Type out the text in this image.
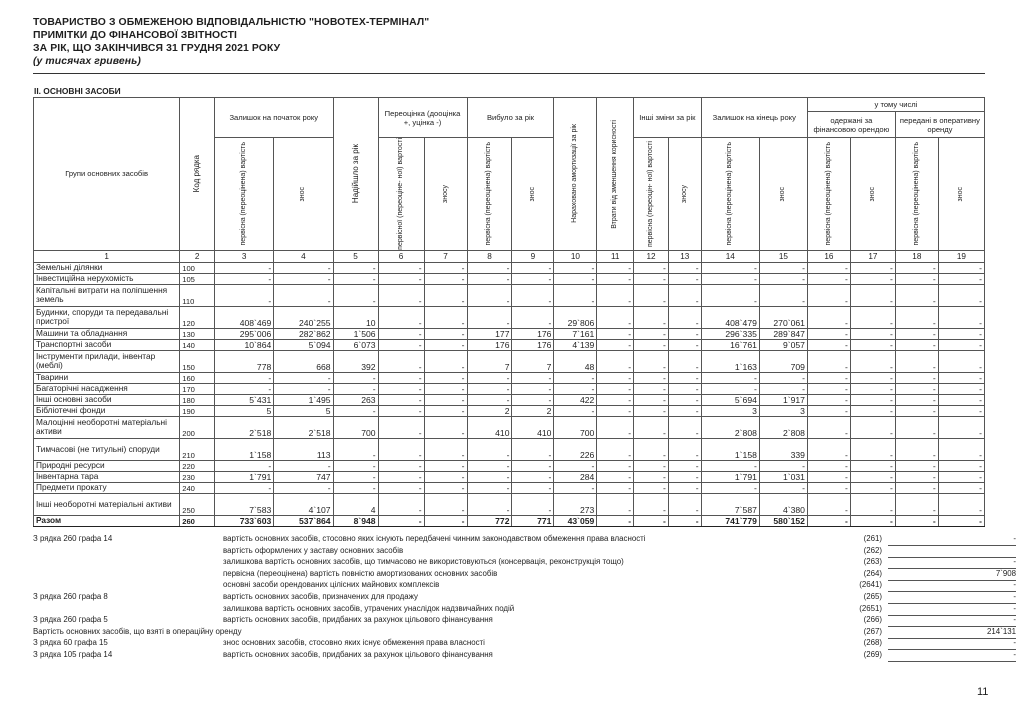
ТОВАРИСТВО З ОБМЕЖЕНОЮ ВІДПОВІДАЛЬНІСТЮ "НОВОТЕХ-ТЕРМІНАЛ"
ПРИМІТКИ ДО ФІНАНСОВОЇ ЗВІТНОСТІ
ЗА РІК, ЩО ЗАКІНЧИВСЯ 31 ГРУДНЯ 2021 РОКУ
(у тисячах гривень)
II. ОСНОВНІ ЗАСОБИ
Групи основних засобів	Код рядка	Залишок на початок року		Надійшло за рік	Переоцінка (дооцінка +, уцінка -)		Вибуло за рік		Нараховано амортизації за рік	Втрати від зменшення корисності	Інші зміни за рік		Залишок на кінець року		у тому числі			
															одержані за фінансовою орендою		передані в оперативну оренду	

		первісна (переоцінена) вартість	знос		первісної (переоціне- ної) вартості	зносу	первісна (переоцінена) вартість	знос			первісна (переоцін- ної) вартості	зносу	первісна (переоцінена) вартість	знос	первісна (переоцінена) вартість	знос	первісна (переоцінена) вартість	знос

1	2	3	4	5	6	7	8	9	10	11	12	13	14	15	16	17	18	19
Земельні ділянки	100	-	-	-	-	-	-	-	-	-	-	-	-	-	-	-	-	-
Інвестиційна нерухомість	105	-	-	-	-	-	-	-	-	-	-	-	-	-	-	-	-	-
Капітальні витрати на поліпшення земель	110	-	-	-	-	-	-	-	-	-	-	-	-	-	-	-	-	-
Будинки, споруди та передавальні пристрої	120	408`469	240`255	10	-	-	-	-	29`806	-	-	-	408`479	270`061	-	-	-	-
Машини та обладнання	130	295`006	282`862	1`506	-	-	177	176	7`161	-	-	-	296`335	289`847	-	-	-	-
Транспортні засоби	140	10`864	5`094	6`073	-	-	176	176	4`139	-	-	-	16`761	9`057	-	-	-	-
Інструменти прилади, інвентар (меблі)	150	778	668	392	-	-	7	7	48	-	-	-	1`163	709	-	-	-	-
Тварини	160	-	-	-	-	-	-	-	-	-	-	-	-	-	-	-	-	-
Багаторічні насадження	170	-	-	-	-	-	-	-	-	-	-	-	-	-	-	-	-	-
Інші основні засоби	180	5`431	1`495	263	-	-	-	-	422	-	-	-	5`694	1`917	-	-	-	-
Бібліотечні фонди	190	5	5	-	-	-	2	2	-	-	-	-	3	3	-	-	-	-
Малоцінні необоротні матеріальні активи	200	2`518	2`518	700	-	-	410	410	700	-	-	-	2`808	2`808	-	-	-	-
Тимчасові (не титульні) споруди	210	1`158	113	-	-	-	-	-	226	-	-	-	1`158	339	-	-	-	-
Природні ресурси	220	-	-	-	-	-	-	-	-	-	-	-	-	-	-	-	-	-
Інвентарна тара	230	1`791	747	-	-	-	-	-	284	-	-	-	1`791	1`031	-	-	-	-
Предмети прокату	240	-	-	-	-	-	-	-	-	-	-	-	-	-	-	-	-	-
Інші необоротні матеріальні активи	250	7`583	4`107	4	-	-	-	-	273	-	-	-	7`587	4`380	-	-	-	-
Разом	260	733`603	537`864	8`948	-	-	772	771	43`059	-	-	-	741`779	580`152	-	-	-	-
З рядка 260 графа 14	вартість основних засобів, стосовно яких існують передбачені чинним законодавством обмеження права власності	(261)	-
вартість оформлених у заставу основних засобів	(262)
залишкова вартість основних засобів, що тимчасово не використовуються (консервація, реконструкція тощо)	(263)	-
первісна (переоцінена) вартість повністю амортизованих основних засобів	(264)	7`908
основні засоби орендованих цілісних майнових комплексів	(2641)	-
З рядка 260 графа 8	вартість основних засобів, призначених для продажу	(265)	-
залишкова вартість основних засобів, утрачених унаслідок надзвичайних подій	(2651)	-
З рядка 260 графа 5	вартість основних засобів, придбаних за рахунок цільового фінансування	(266)	-
Вартість основних засобів, що взяті в операційну оренду	(267)	214`131
З рядка 60 графа 15	знос основних засобів, стосовно яких існує обмеження права власності	(268)	-
З рядка 105 графа 14	вартість основних засобів, придбаних за рахунок цільового фінансування	(269)	-
11
